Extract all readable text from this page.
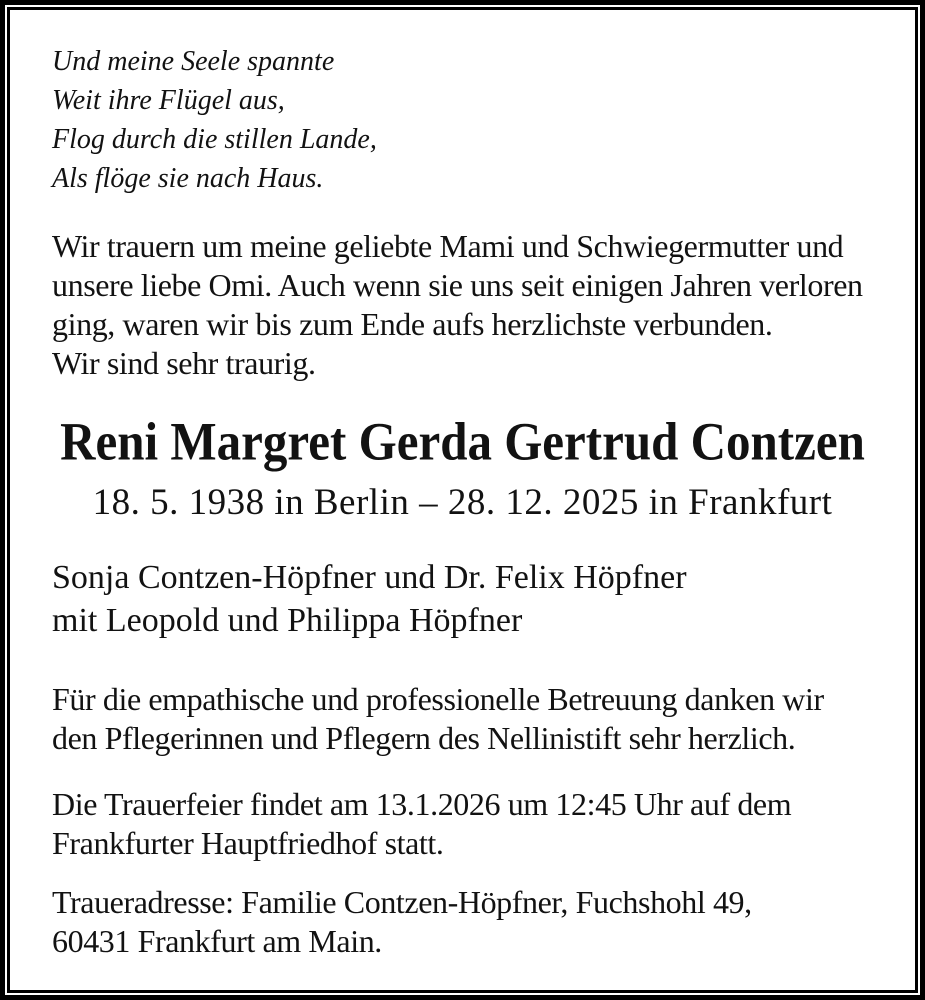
Und meine Seele spannte
Weit ihre Flügel aus,
Flog durch die stillen Lande,
Als flöge sie nach Haus.
Wir trauern um meine geliebte Mami und Schwiegermutter und
unsere liebe Omi. Auch wenn sie uns seit einigen Jahren verloren
ging, waren wir bis zum Ende aufs herzlichste verbunden.
Wir sind sehr traurig.
Reni Margret Gerda Gertrud Contzen
18. 5. 1938 in Berlin – 28. 12. 2025 in Frankfurt
Sonja Contzen-Höpfner und Dr. Felix Höpfner
mit Leopold und Philippa Höpfner
Für die empathische und professionelle Betreuung danken wir
den Pflegerinnen und Pflegern des Nellinistift sehr herzlich.
Die Trauerfeier findet am 13.1.2026 um 12:45 Uhr auf dem
Frankfurter Hauptfriedhof statt.
Traueradresse: Familie Contzen-Höpfner, Fuchshohl 49,
60431 Frankfurt am Main.
